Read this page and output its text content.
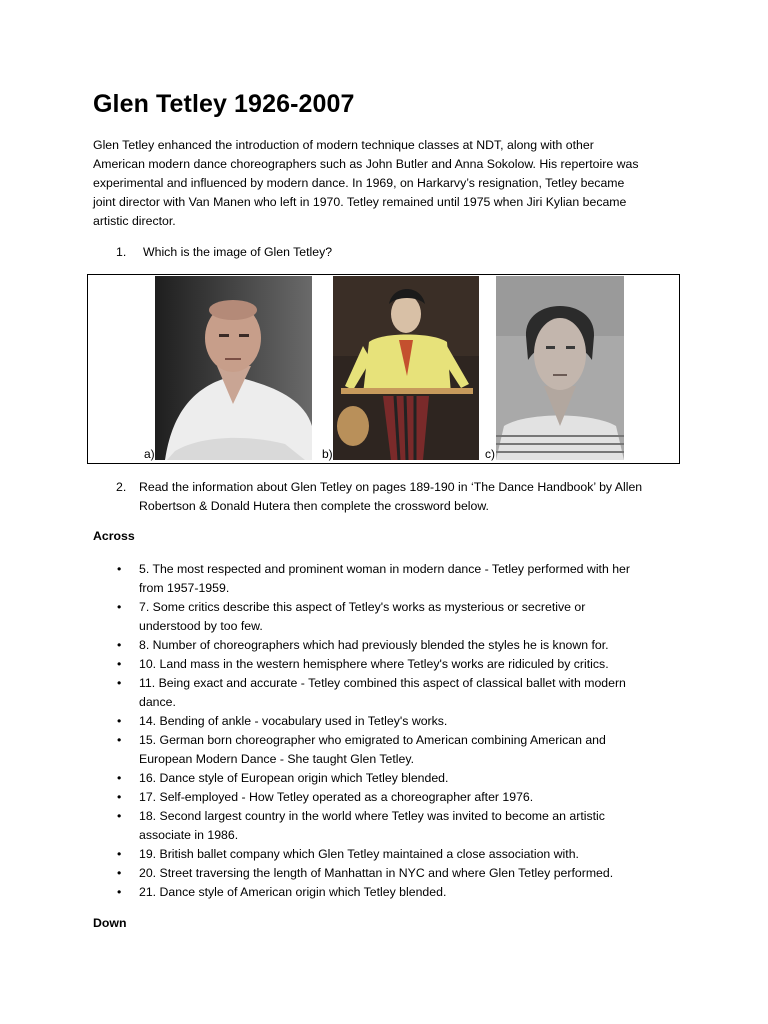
Glen Tetley 1926-2007

Glen Tetley enhanced the introduction of modern technique classes at NDT, along with other
American modern dance choreographers such as John Butler and Anna Sokolow. His repertoire was
experimental and influenced by modern dance. In 1969, on Harkarvy’s resignation, Tetley became
joint director with Van Manen who left in 1970. Tetley remained until 1975 when Jiri Kylian became
artistic director.

1. Which is the image of Glen Tetley?
a)	b)	c)
2. Read the information about Glen Tetley on pages 189-190 in ‘The Dance Handbook’ by Allen
Robertson & Donald Hutera then complete the crossword below.
Across
• 5. The most respected and prominent woman in modern dance - Tetley performed with her
from 1957-1959.
• 7. Some critics describe this aspect of Tetley's works as mysterious or secretive or
understood by too few.
• 8. Number of choreographers which had previously blended the styles he is known for.
• 10. Land mass in the western hemisphere where Tetley's works are ridiculed by critics.
• 11. Being exact and accurate - Tetley combined this aspect of classical ballet with modern
dance.
• 14. Bending of ankle - vocabulary used in Tetley's works.
• 15. German born choreographer who emigrated to American combining American and
European Modern Dance - She taught Glen Tetley.
• 16. Dance style of European origin which Tetley blended.
• 17. Self-employed - How Tetley operated as a choreographer after 1976.
• 18. Second largest country in the world where Tetley was invited to become an artistic
associate in 1986.
• 19. British ballet company which Glen Tetley maintained a close association with.
• 20. Street traversing the length of Manhattan in NYC and where Glen Tetley performed.
• 21. Dance style of American origin which Tetley blended.
Down
